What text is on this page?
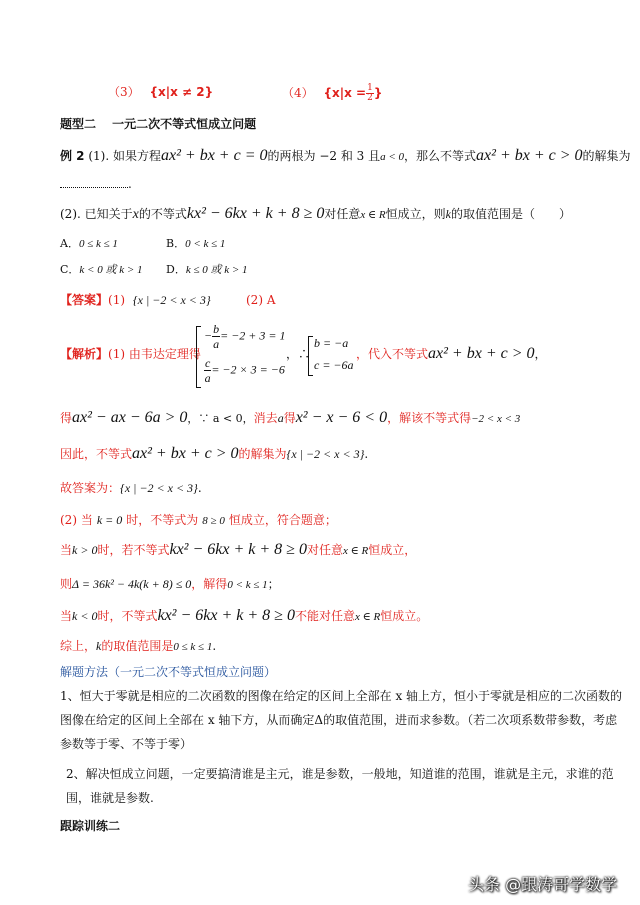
（3） {x|x ≠ 2}	（4） {$x|x = \frac{1}{2}$ }
题型二　 一元二次不等式恒成立问题
例 2 (1). 如果方程ax² + bx + c = 0的两根为 −2 和 3 且a < 0，那么不等式ax² + bx + c > 0的解集为
.
(2). 已知关于x的不等式kx² − 6kx + k + 8 ≥ 0对任意x ∈ R恒成立，则k的取值范围是（　　）
A．0 ≤ k ≤ 1	B．0 < k ≤ 1
C．k < 0 或 k > 1 D．k ≤ 0 或 k > 1
【答案】(1) {x | −2 < x < 3}	(2) A
【解析】(1) 由韦达定理得
− $\frac{b}{a} = -2 + 3 = 1$
$\frac{c}{a} = -2 \times 3 = -6$
，∴
b = −a
c = −6a
，代入不等式ax² + bx + c > 0，
得ax² − ax − 6a > 0，∵ a < 0，消去a得x² − x − 6 < 0，解该不等式得−2 < x < 3
因此，不等式ax² + bx + c > 0的解集为{x | −2 < x < 3}.
故答案为：{x | −2 < x < 3}.
(2) 当 k = 0 时，不等式为 8 ≥ 0 恒成立，符合题意；
当k > 0时，若不等式kx² − 6kx + k + 8 ≥ 0对任意x ∈ R恒成立，
则Δ = 36k² − 4k(k + 8) ≤ 0，解得0 < k ≤ 1；
当k < 0时，不等式kx² − 6kx + k + 8 ≥ 0不能对任意x ∈ R恒成立。
综上，k的取值范围是0 ≤ k ≤ 1.
解题方法（一元二次不等式恒成立问题）
1、恒大于零就是相应的二次函数的图像在给定的区间上全部在 x 轴上方，恒小于零就是相应的二次函数的图像在给定的区间上全部在 x 轴下方，从而确定Δ的取值范围，进而求参数。（若二次项系数带参数，考虑参数等于零、不等于零）
2、解决恒成立问题，一定要搞清谁是主元，谁是参数，一般地，知道谁的范围，谁就是主元，求谁的范围，谁就是参数.
跟踪训练二
头条 @跟涛哥学数学
